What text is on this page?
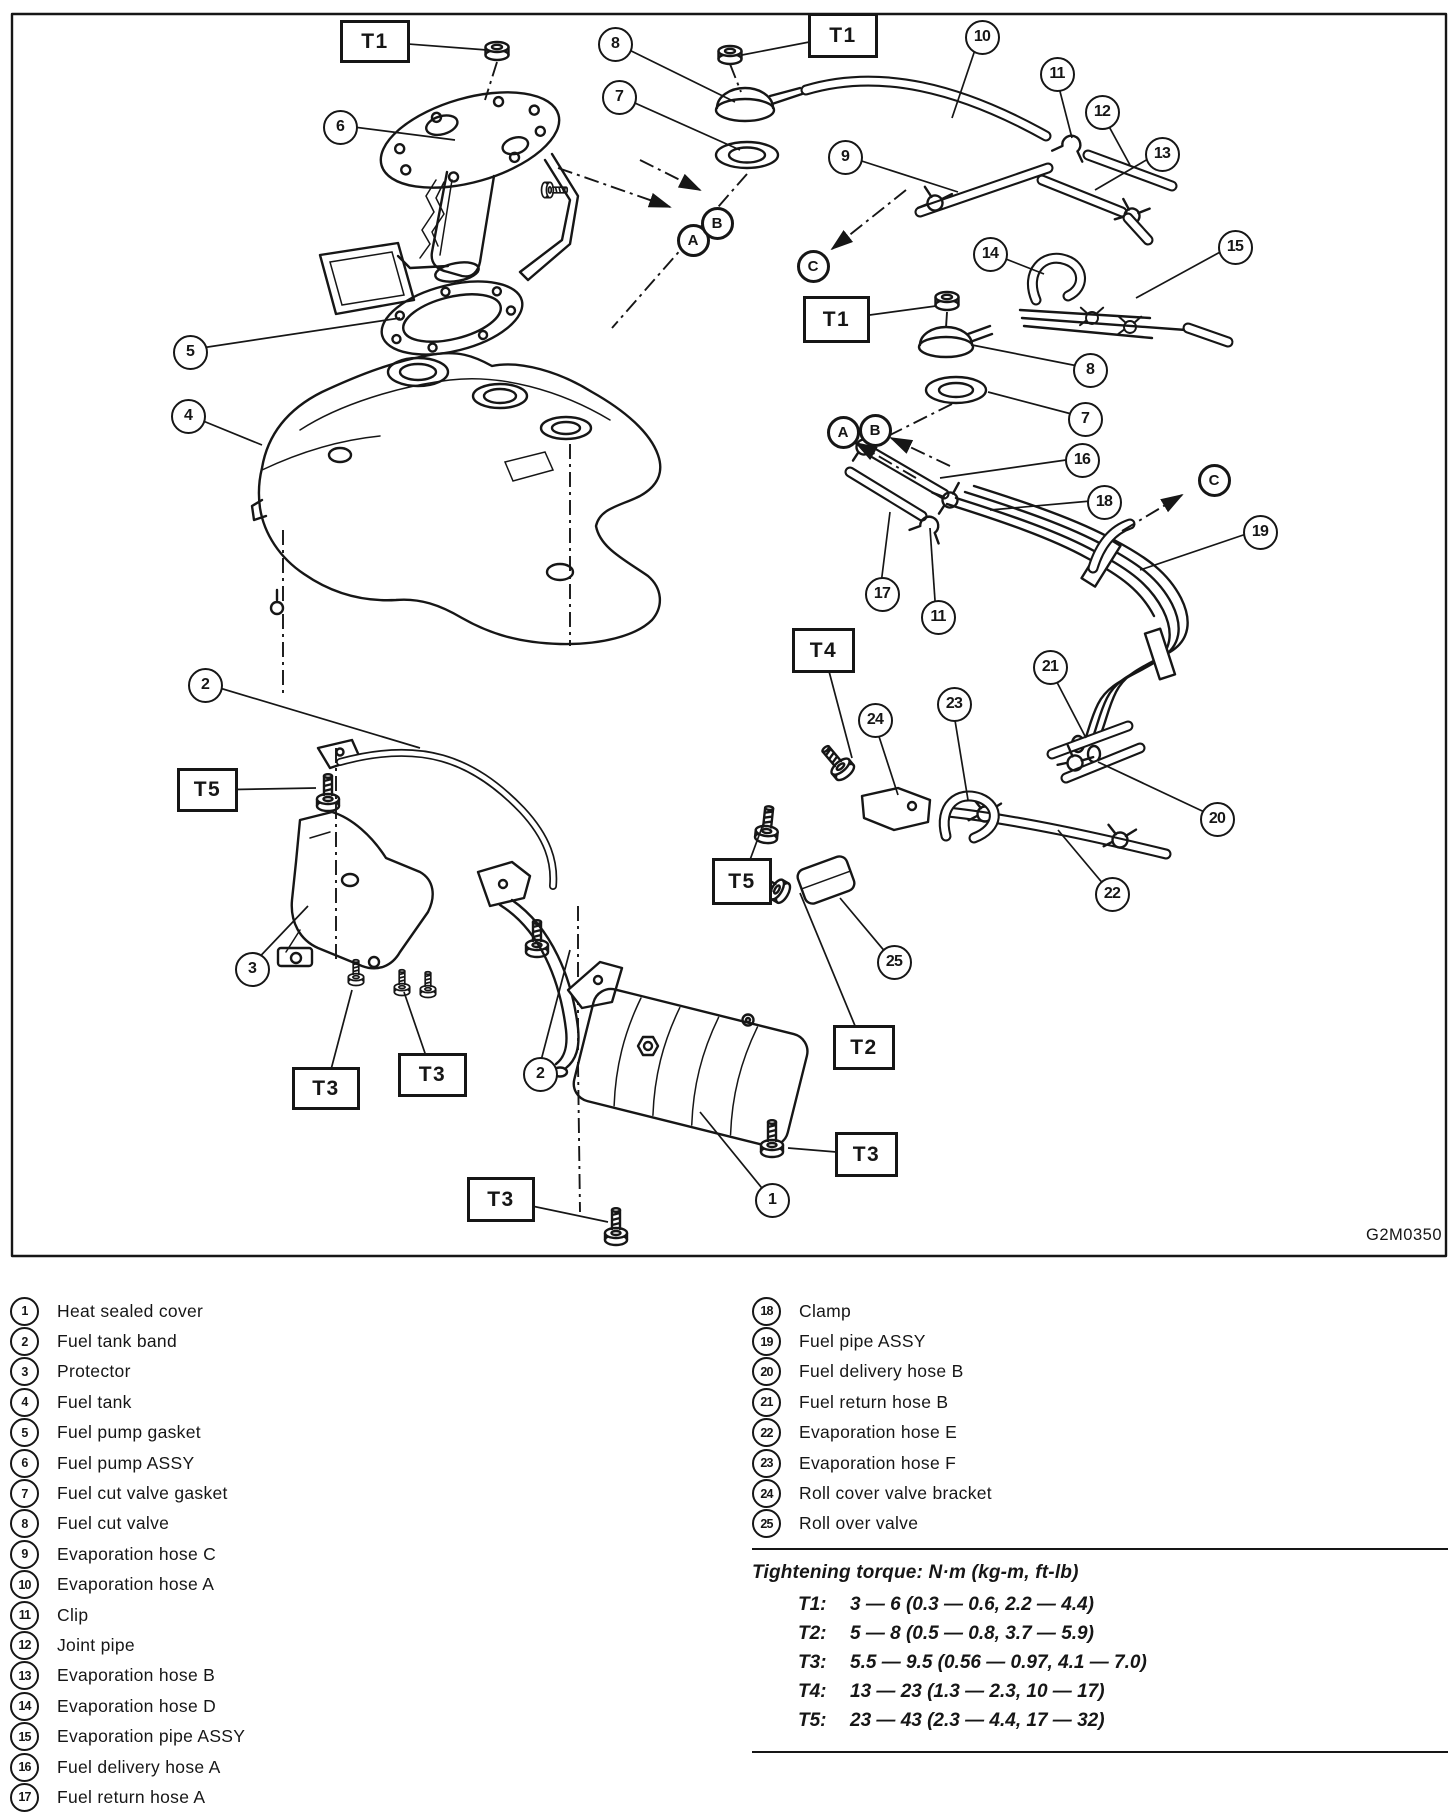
G2M0350
6
8
7
10
11
12
13
9
14	15
5
4
8
7
16
18
17
11
19
2
21
23
24
20
22
25
3
2
1
T1	T1
T1
T4
T5
T5
T2
T3
T3
T3
T3
A
B
C
A	B
C
1	Heat sealed cover
2	Fuel tank band
3	Protector
4	Fuel tank
5	Fuel pump gasket
6	Fuel pump ASSY
7	Fuel cut valve gasket
8	Fuel cut valve
9	Evaporation hose C
10	Evaporation hose A
11	Clip
12	Joint pipe
13	Evaporation hose B
14	Evaporation hose D
15	Evaporation pipe ASSY
16	Fuel delivery hose A
17	Fuel return hose A
18	Clamp
19	Fuel pipe ASSY
20	Fuel delivery hose B
21	Fuel return hose B
22	Evaporation hose E
23	Evaporation hose F
24	Roll cover valve bracket
25	Roll over valve
Tightening torque: N·m (kg-m, ft-lb)
T1:	3 — 6 (0.3 — 0.6, 2.2 — 4.4)
T2:	5 — 8 (0.5 — 0.8, 3.7 — 5.9)
T3:	5.5 — 9.5 (0.56 — 0.97, 4.1 — 7.0)
T4:	13 — 23 (1.3 — 2.3, 10 — 17)
T5:	23 — 43 (2.3 — 4.4, 17 — 32)
